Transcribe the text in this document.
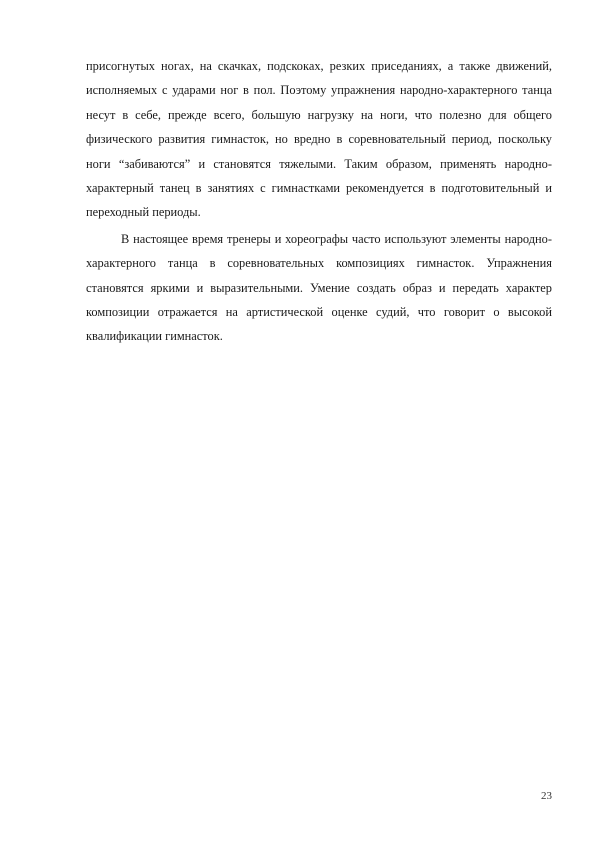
присогнутых ногах, на скачках, подскоках, резких приседаниях, а также движений, исполняемых с ударами ног в пол. Поэтому упражнения народно-характерного танца несут в себе, прежде всего, большую нагрузку на ноги, что полезно для общего физического развития гимнасток, но вредно в соревновательный период, поскольку ноги “забиваются” и становятся тяжелыми. Таким образом, применять народно-характерный танец в занятиях с гимнастками рекомендуется в подготовительный и переходный периоды.

В настоящее время тренеры и хореографы часто используют элементы народно-характерного танца в соревновательных композициях гимнасток. Упражнения становятся яркими и выразительными. Умение создать образ и передать характер композиции отражается на артистической оценке судий, что говорит о высокой квалификации гимнасток.

23
